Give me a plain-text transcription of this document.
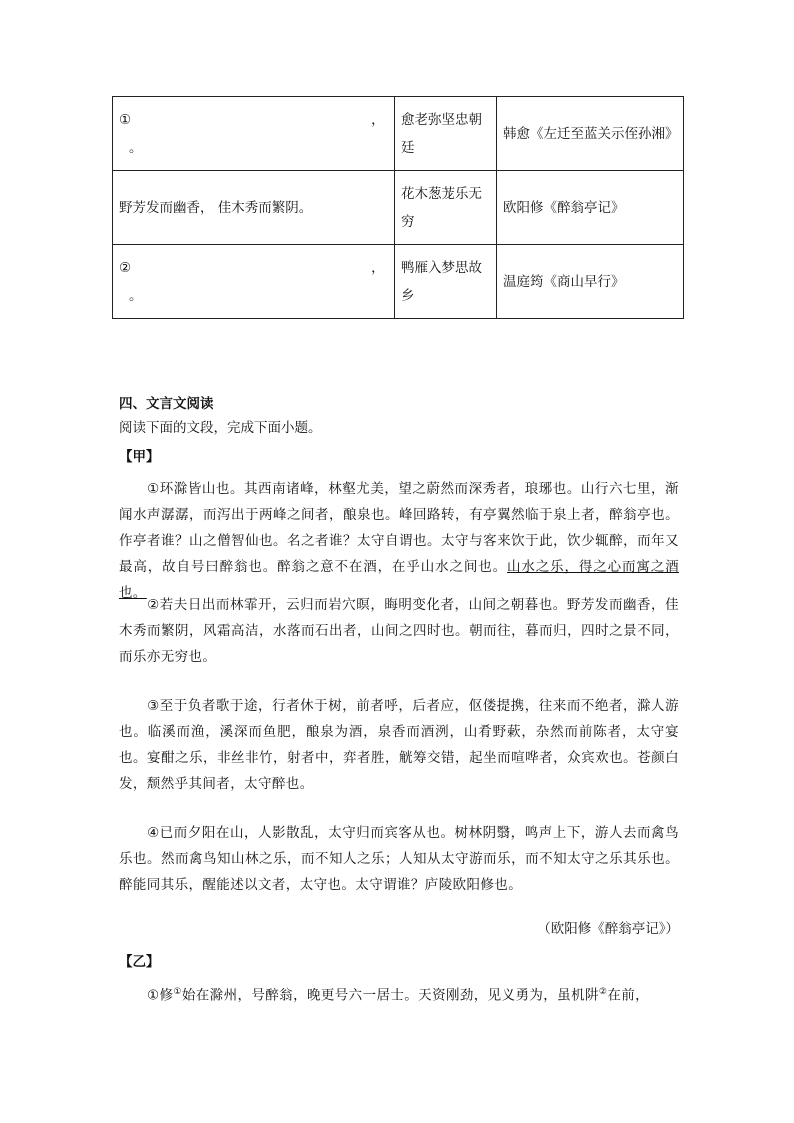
① ，
。	愈老弥坚忠朝廷	韩愈《左迁至蓝关示侄孙湘》
野芳发而幽香， 佳木秀而繁阴。	花木葱茏乐无穷	欧阳修《醉翁亭记》

② ，
。	鸭雁入梦思故乡	温庭筠《商山早行》
四、文言文阅读
阅读下面的文段，完成下面小题。
【甲】
①环滁皆山也。其西南诸峰，林壑尤美，望之蔚然而深秀者，琅琊也。山行六七里，渐闻水声潺潺，而泻出于两峰之间者，酿泉也。峰回路转，有亭翼然临于泉上者，醉翁亭也。作亭者谁？山之僧智仙也。名之者谁？太守自谓也。太守与客来饮于此，饮少辄醉，而年又最高，故自号曰醉翁也。醉翁之意不在酒，在乎山水之间也。山水之乐，得之心而寓之酒也。
②若夫日出而林霏开，云归而岩穴暝，晦明变化者，山间之朝暮也。野芳发而幽香，佳木秀而繁阴，风霜高洁，水落而石出者，山间之四时也。朝而往，暮而归，四时之景不同，而乐亦无穷也。
③至于负者歌于途，行者休于树，前者呼，后者应，伛偻提携，往来而不绝者，滁人游也。临溪而渔，溪深而鱼肥，酿泉为酒，泉香而酒洌，山肴野蔌，杂然而前陈者，太守宴也。宴酣之乐，非丝非竹，射者中，弈者胜，觥筹交错，起坐而喧哗者，众宾欢也。苍颜白发，颓然乎其间者，太守醉也。
④已而夕阳在山，人影散乱，太守归而宾客从也。树林阴翳，鸣声上下，游人去而禽鸟乐也。然而禽鸟知山林之乐，而不知人之乐；人知从太守游而乐，而不知太守之乐其乐也。醉能同其乐，醒能述以文者，太守也。太守谓谁？庐陵欧阳修也。
（欧阳修《醉翁亭记》）
【乙】
①修①始在滁州，号醉翁，晚更号六一居士。天资刚劲，见义勇为，虽机阱②在前，
